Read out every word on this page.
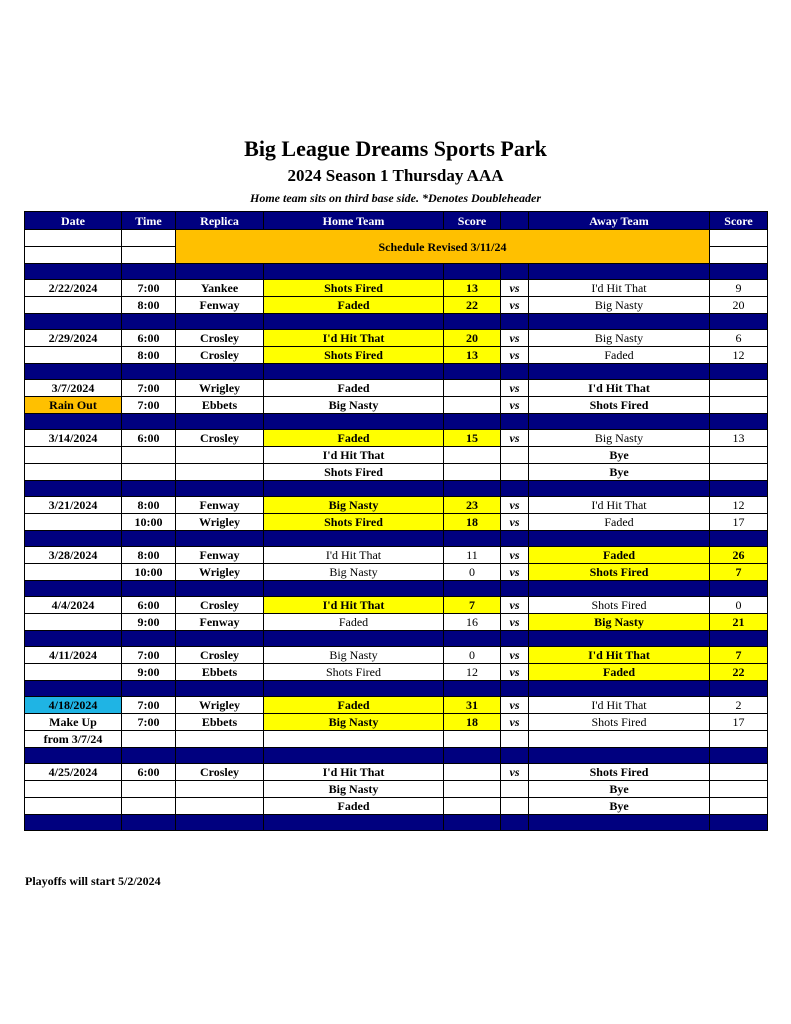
Big League Dreams Sports Park
2024 Season 1 Thursday AAA
Home team sits on third base side. *Denotes Doubleheader
Date	Time	Replica	Home Team	Score		Away Team	Score
		Schedule Revised 3/11/24					

2/22/2024	7:00	Yankee	Shots Fired	13	vs	I'd Hit That	9
	8:00	Fenway	Faded	22	vs	Big Nasty	20

2/29/2024	6:00	Crosley	I'd Hit That	20	vs	Big Nasty	6
	8:00	Crosley	Shots Fired	13	vs	Faded	12

3/7/2024	7:00	Wrigley	Faded		vs	I'd Hit That	
Rain Out	7:00	Ebbets	Big Nasty		vs	Shots Fired	

3/14/2024	6:00	Crosley	Faded	15	vs	Big Nasty	13
			I'd Hit That			Bye	
			Shots Fired			Bye	

3/21/2024	8:00	Fenway	Big Nasty	23	vs	I'd Hit That	12
	10:00	Wrigley	Shots Fired	18	vs	Faded	17

3/28/2024	8:00	Fenway	I'd Hit That	11	vs	Faded	26
	10:00	Wrigley	Big Nasty	0	vs	Shots Fired	7

4/4/2024	6:00	Crosley	I'd Hit That	7	vs	Shots Fired	0
	9:00	Fenway	Faded	16	vs	Big Nasty	21

4/11/2024	7:00	Crosley	Big Nasty	0	vs	I'd Hit That	7
	9:00	Ebbets	Shots Fired	12	vs	Faded	22

4/18/2024	7:00	Wrigley	Faded	31	vs	I'd Hit That	2
Make Up	7:00	Ebbets	Big Nasty	18	vs	Shots Fired	17
from 3/7/24							

4/25/2024	6:00	Crosley	I'd Hit That		vs	Shots Fired	
			Big Nasty			Bye	
			Faded			Bye	

Playoffs will start 5/2/2024
